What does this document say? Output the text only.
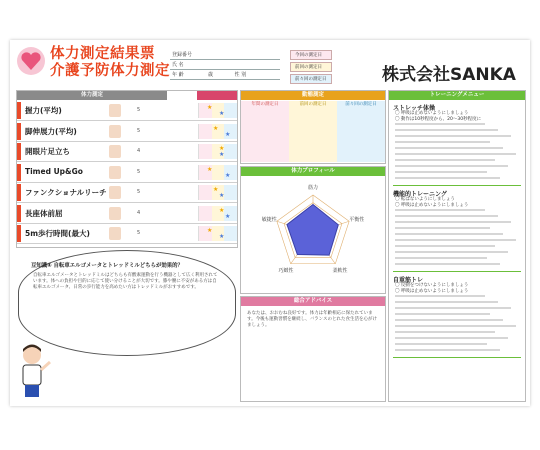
体力測定結果票
介護予防体力測定
登録番号	
氏 名	
年 齢	歳 性 別
今回の測定日
前回の測定日
前々回の測定日	株式会社SANKA
体力測定
握力(平均)	5	★
★
脚伸展力(平均)	5	★
★
開眼片足立ち	4	★
★
Timed Up&Go	5	★
★
ファンクショナルリーチ	5	★
★
長座体前屈	4	★
★
5m歩行時間(最大)	5	★
★
豆知識④ 自転車エルゴメータとトレッドミルどちらが効果的？
自転車エルゴメータとトレッドミルはどちらも有酸素運動を行う機器として広く利用されています。体への負担や目的に応じて使い分けることが大切です。膝や腰に不安がある方は自転車エルゴメータ、日常の歩行能力を高めたい方はトレッドミルがおすすめです。
動態測定
年間の測定日	前回の測定日	前々回の測定日
体力プロフィール
筋力
平衡性
柔軟性
巧緻性
敏捷性
総合アドバイス
あなたは、おおむね良好です。体力は年齢相応に保たれています。今後も運動習慣を継続し、バランスのとれた食生活を心がけましょう。
トレーニングメニュー
ストレッチ体操
〇 呼吸は止めないようにしましょう
〇 動作は10秒程度から、20〜30秒程度に
機能的トレーニング
〇 転ばないようにしましょう
〇 呼吸は止めないようにしましょう
自重筋トレ
〇 反動をつけないようにしましょう
〇 呼吸は止めないようにしましょう
